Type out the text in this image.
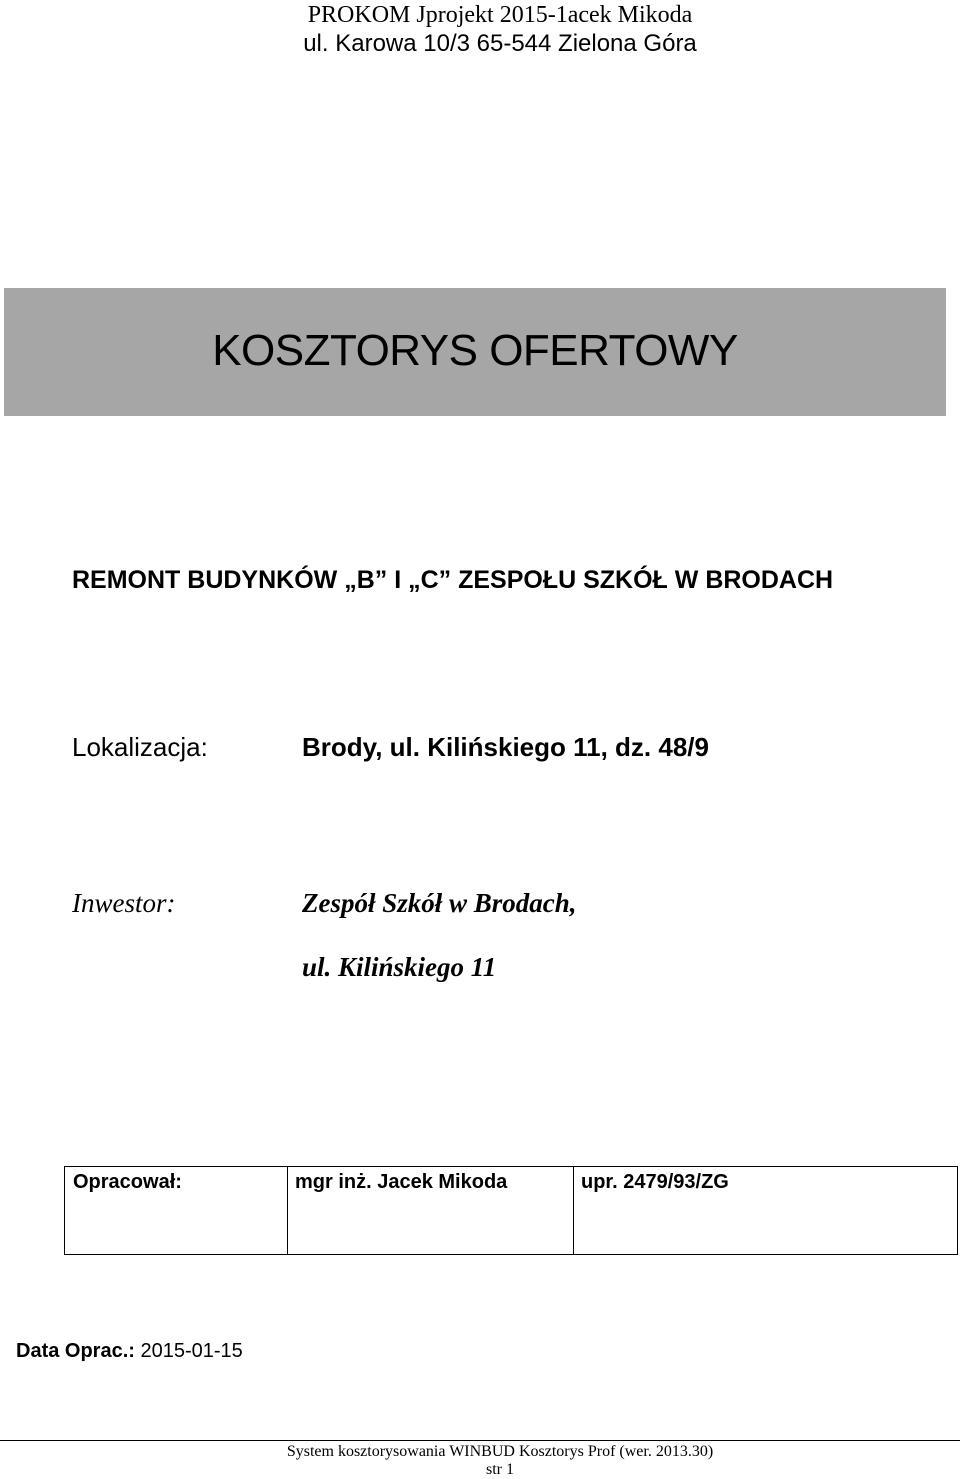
PROKOM Jprojekt 2015-1acek Mikoda
ul. Karowa 10/3 65-544 Zielona Góra
KOSZTORYS OFERTOWY
REMONT BUDYNKÓW „B” I „C” ZESPOŁU SZKÓŁ W BRODACH
Lokalizacja:	Brody, ul. Kilińskiego 11, dz. 48/9
Inwestor:	Zespół Szkół w Brodach,
ul. Kilińskiego 11
Opracował:	mgr inż. Jacek Mikoda	upr. 2479/93/ZG
Data Oprac.: 2015-01-15
System kosztorysowania WINBUD Kosztorys Prof (wer. 2013.30)
str 1
